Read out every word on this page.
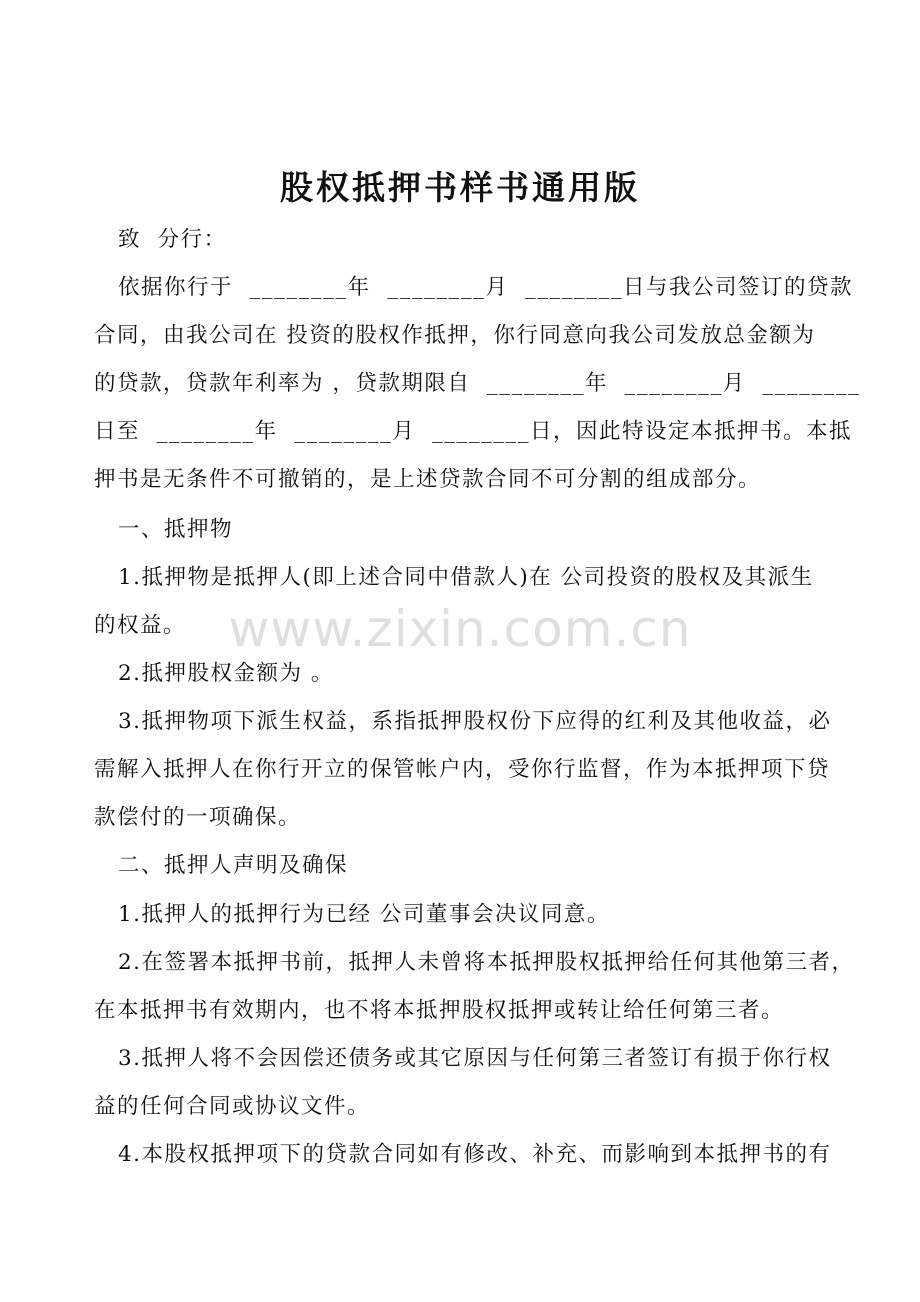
股权抵押书样书通用版
致  分行：
依据你行于  ________年  ________月  ________日与我公司签订的贷款
合同，由我公司在 投资的股权作抵押，你行同意向我公司发放总金额为
的贷款，贷款年利率为 ，贷款期限自  ________年  ________月  ________
日至  ________年  ________月  ________日，因此特设定本抵押书。本抵
押书是无条件不可撤销的，是上述贷款合同不可分割的组成部分。
一、抵押物
1.抵押物是抵押人(即上述合同中借款人)在 公司投资的股权及其派生
的权益。
2.抵押股权金额为 。
3.抵押物项下派生权益，系指抵押股权份下应得的红利及其他收益，必
需解入抵押人在你行开立的保管帐户内，受你行监督，作为本抵押项下贷
款偿付的一项确保。
二、抵押人声明及确保
1.抵押人的抵押行为已经 公司董事会决议同意。
2.在签署本抵押书前，抵押人未曾将本抵押股权抵押给任何其他第三者，
在本抵押书有效期内，也不将本抵押股权抵押或转让给任何第三者。
3.抵押人将不会因偿还债务或其它原因与任何第三者签订有损于你行权
益的任何合同或协议文件。
4.本股权抵押项下的贷款合同如有修改、补充、而影响到本抵押书的有
www.zixin.com.cn
